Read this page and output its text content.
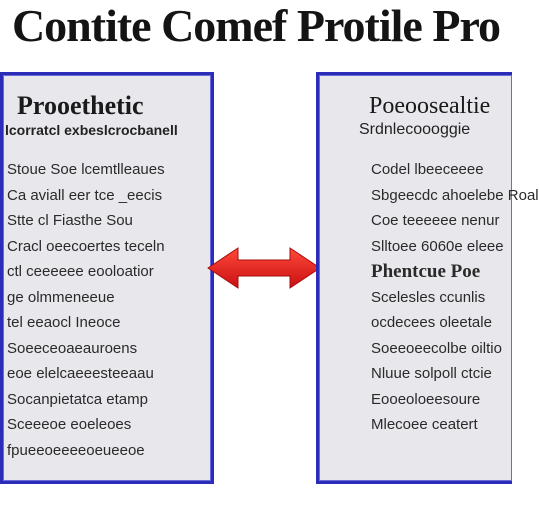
Contite Comef Protile Pro
Prooethetic
lcorratcl exbeslcrocbanell
Stoue Soe lcemtlleaues
Ca aviall eer tce _eecis
Stte cl Fiasthe Sou
Cracl oeecoertes teceln
ctl ceeeeee eooloatior
ge olmmeneeue
tel eeaocl Ineoce
Soeeceoaeauroens
eoe elelcaeeesteeaau
Socanpietatca etamp
Sceeeoe eoeleoes
fpueeoeeeeoeueeoe
Poeoosealtie
Srdnlecoooggie
Codel lbeeceeee
Sbgeecdc ahoelebe Roal
Coe teeeeee nenur
Slltoee 6060e eleee
Phentcue Poe
Scelesles ccunlis
ocdecees oleetale
Soeeoeecolbe oiltio
Nluue solpoll ctcie
Eooeoloeesoure
Mlecoee ceatert
